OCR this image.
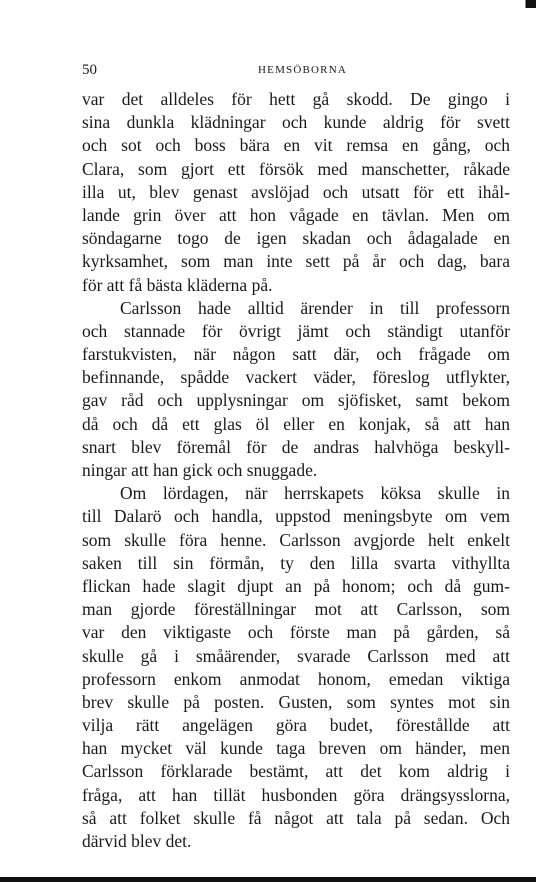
50	HEMSÖBORNA
var det alldeles för hett gå skodd. De gingo i
sina dunkla klädningar och kunde aldrig för svett
och sot och boss bära en vit remsa en gång, och
Clara, som gjort ett försök med manschetter, råkade
illa ut, blev genast avslöjad och utsatt för ett ihål-
lande grin över att hon vågade en tävlan. Men om
söndagarne togo de igen skadan och ådagalade en
kyrksamhet, som man inte sett på år och dag, bara
för att få bästa kläderna på.
Carlsson hade alltid ärender in till professorn
och stannade för övrigt jämt och ständigt utanför
farstukvisten, när någon satt där, och frågade om
befinnande, spådde vackert väder, föreslog utflykter,
gav råd och upplysningar om sjöfisket, samt bekom
då och då ett glas öl eller en konjak, så att han
snart blev föremål för de andras halvhöga beskyll-
ningar att han gick och snuggade.
Om lördagen, när herrskapets köksa skulle in
till Dalarö och handla, uppstod meningsbyte om vem
som skulle föra henne. Carlsson avgjorde helt enkelt
saken till sin förmån, ty den lilla svarta vithyllta
flickan hade slagit djupt an på honom; och då gum-
man gjorde föreställningar mot att Carlsson, som
var den viktigaste och förste man på gården, så
skulle gå i småärender, svarade Carlsson med att
professorn enkom anmodat honom, emedan viktiga
brev skulle på posten. Gusten, som syntes mot sin
vilja rätt angelägen göra budet, förestållde att
han mycket väl kunde taga breven om händer, men
Carlsson förklarade bestämt, att det kom aldrig i
fråga, att han tillät husbonden göra drängsysslorna,
så att folket skulle få något att tala på sedan. Och
därvid blev det.
